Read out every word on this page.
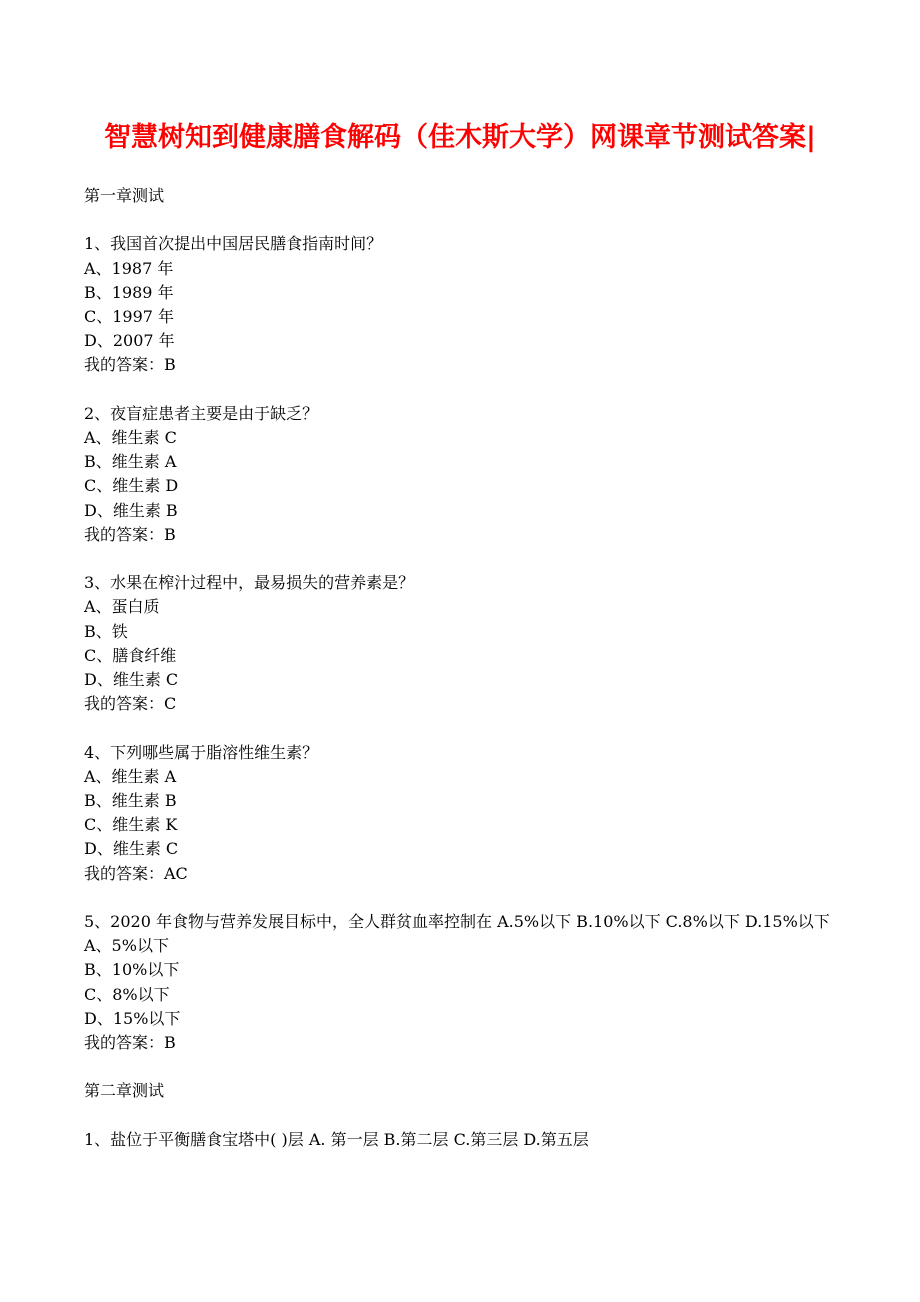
智慧树知到健康膳食解码（佳木斯大学）网课章节测试答案|
第一章测试
1、我国首次提出中国居民膳食指南时间？
A、1987 年
B、1989 年
C、1997 年
D、2007 年
我的答案：B
2、夜盲症患者主要是由于缺乏？
A、维生素 C
B、维生素 A
C、维生素 D
D、维生素 B
我的答案：B
3、水果在榨汁过程中，最易损失的营养素是？
A、蛋白质
B、铁
C、膳食纤维
D、维生素 C
我的答案：C
4、下列哪些属于脂溶性维生素？
A、维生素 A
B、维生素 B
C、维生素 K
D、维生素 C
我的答案：AC
5、2020 年食物与营养发展目标中，全人群贫血率控制在 A.5%以下 B.10%以下 C.8%以下 D.15%以下
A、5%以下
B、10%以下
C、8%以下
D、15%以下
我的答案：B
第二章测试
1、盐位于平衡膳食宝塔中( )层 A. 第一层 B.第二层 C.第三层 D.第五层
